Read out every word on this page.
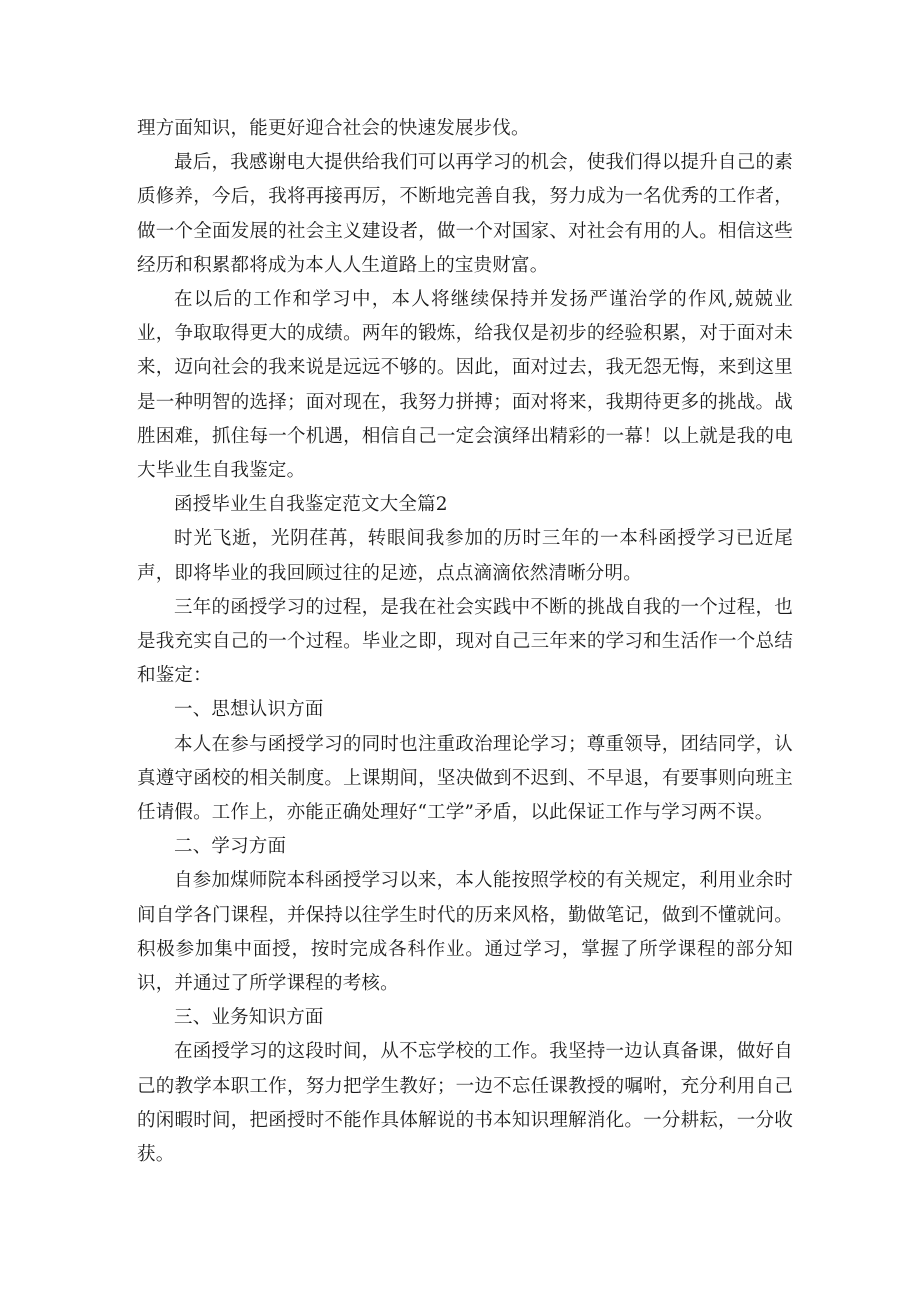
理方面知识，能更好迎合社会的快速发展步伐。

最后，我感谢电大提供给我们可以再学习的机会，使我们得以提升自己的素质修养，今后，我将再接再厉，不断地完善自我，努力成为一名优秀的工作者，做一个全面发展的社会主义建设者，做一个对国家、对社会有用的人。相信这些经历和积累都将成为本人人生道路上的宝贵财富。

在以后的工作和学习中，本人将继续保持并发扬严谨治学的作风,兢兢业业，争取取得更大的成绩。两年的锻炼，给我仅是初步的经验积累，对于面对未来，迈向社会的我来说是远远不够的。因此，面对过去，我无怨无悔，来到这里是一种明智的选择；面对现在，我努力拼搏；面对将来，我期待更多的挑战。战胜困难，抓住每一个机遇，相信自己一定会演绎出精彩的一幕！以上就是我的电大毕业生自我鉴定。

函授毕业生自我鉴定范文大全篇2

时光飞逝，光阴荏苒，转眼间我参加的历时三年的一本科函授学习已近尾声，即将毕业的我回顾过往的足迹，点点滴滴依然清晰分明。

三年的函授学习的过程，是我在社会实践中不断的挑战自我的一个过程，也是我充实自己的一个过程。毕业之即，现对自己三年来的学习和生活作一个总结和鉴定：

一、思想认识方面

本人在参与函授学习的同时也注重政治理论学习；尊重领导，团结同学，认真遵守函校的相关制度。上课期间，坚决做到不迟到、不早退，有要事则向班主任请假。工作上，亦能正确处理好“工学”矛盾，以此保证工作与学习两不误。

二、学习方面

自参加煤师院本科函授学习以来，本人能按照学校的有关规定，利用业余时间自学各门课程，并保持以往学生时代的历来风格，勤做笔记，做到不懂就问。积极参加集中面授，按时完成各科作业。通过学习，掌握了所学课程的部分知识，并通过了所学课程的考核。

三、业务知识方面

在函授学习的这段时间，从不忘学校的工作。我坚持一边认真备课，做好自己的教学本职工作，努力把学生教好；一边不忘任课教授的嘱咐，充分利用自己的闲暇时间，把函授时不能作具体解说的书本知识理解消化。一分耕耘，一分收获。
